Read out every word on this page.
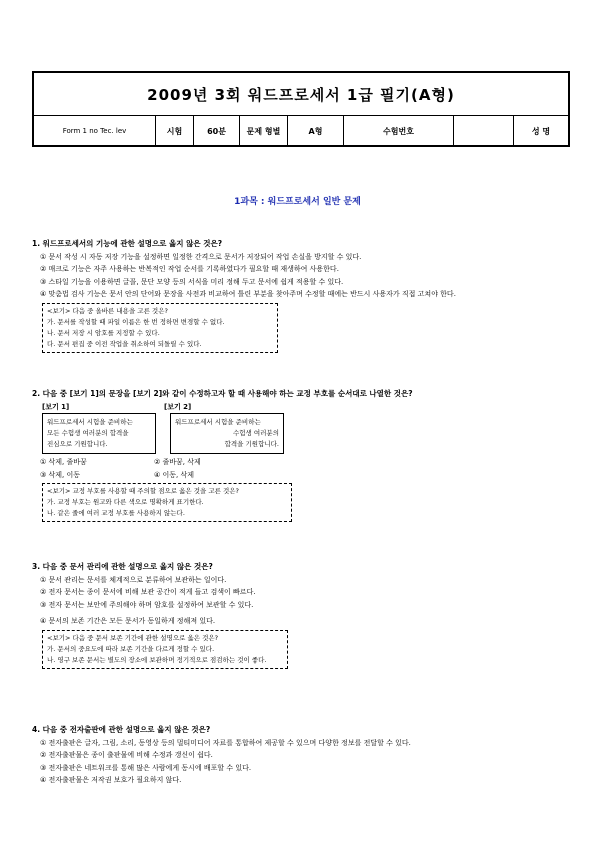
2009년 3회 워드프로세서 1급 필기(A형)
Form 1 no Tec. lev	시험	60분	문제 형별	A형	수험번호	성 명
1과목 : 워드프로세서 일반 문제
1. 워드프로세서의 기능에 관한 설명으로 옳지 않은 것은?
① 문서 작성 시 자동 저장 기능을 설정하면 일정한 간격으로 문서가 저장되어 작업 손실을 방지할 수 있다.
② 매크로 기능은 자주 사용하는 반복적인 작업 순서를 기록하였다가 필요할 때 재생하여 사용한다.
③ 스타일 기능을 이용하면 글꼴, 문단 모양 등의 서식을 미리 정해 두고 문서에 쉽게 적용할 수 있다.
④ 맞춤법 검사 기능은 문서 안의 단어와 문장을 사전과 비교하여 틀린 부분을 찾아주며 수정할 때에는 반드시 사용자가 직접 고쳐야 한다.
<보기> 다음 중 올바른 내용을 고른 것은?
가. 문서를 작성할 때 파일 이름은 한 번 정하면 변경할 수 없다.
나. 문서 저장 시 암호를 지정할 수 있다.
다. 문서 편집 중 이전 작업을 취소하여 되돌릴 수 있다.
2. 다음 중 [보기 1]의 문장을 [보기 2]와 같이 수정하고자 할 때 사용해야 하는 교정 부호를 순서대로 나열한 것은?
[보기 1]	[보기 2]
워드프로세서 시험을 준비하는
모든 수험생 여러분의 합격을
진심으로 기원합니다.
워드프로세서 시험을 준비하는
수험생 여러분의
합격을 기원합니다.
① 삭제, 줄바꿈	② 줄바꿈, 삭제
③ 삭제, 이동	④ 이동, 삭제
<보기> 교정 부호를 사용할 때 주의할 점으로 옳은 것을 고른 것은?
가. 교정 부호는 원고와 다른 색으로 명확하게 표기한다.
나. 같은 줄에 여러 교정 부호를 사용하지 않는다.
3. 다음 중 문서 관리에 관한 설명으로 옳지 않은 것은?
① 문서 관리는 문서를 체계적으로 분류하여 보관하는 일이다.
② 전자 문서는 종이 문서에 비해 보관 공간이 적게 들고 검색이 빠르다.
③ 전자 문서는 보안에 주의해야 하며 암호를 설정하여 보관할 수 있다.
④ 문서의 보존 기간은 모든 문서가 동일하게 정해져 있다.
<보기> 다음 중 문서 보존 기간에 관한 설명으로 옳은 것은?
가. 문서의 중요도에 따라 보존 기간을 다르게 정할 수 있다.
나. 영구 보존 문서는 별도의 장소에 보관하며 정기적으로 점검하는 것이 좋다.
4. 다음 중 전자출판에 관한 설명으로 옳지 않은 것은?
① 전자출판은 글자, 그림, 소리, 동영상 등의 멀티미디어 자료를 통합하여 제공할 수 있으며 다양한 정보를 전달할 수 있다.
② 전자출판물은 종이 출판물에 비해 수정과 갱신이 쉽다.
③ 전자출판은 네트워크를 통해 많은 사람에게 동시에 배포할 수 있다.
④ 전자출판물은 저작권 보호가 필요하지 않다.
